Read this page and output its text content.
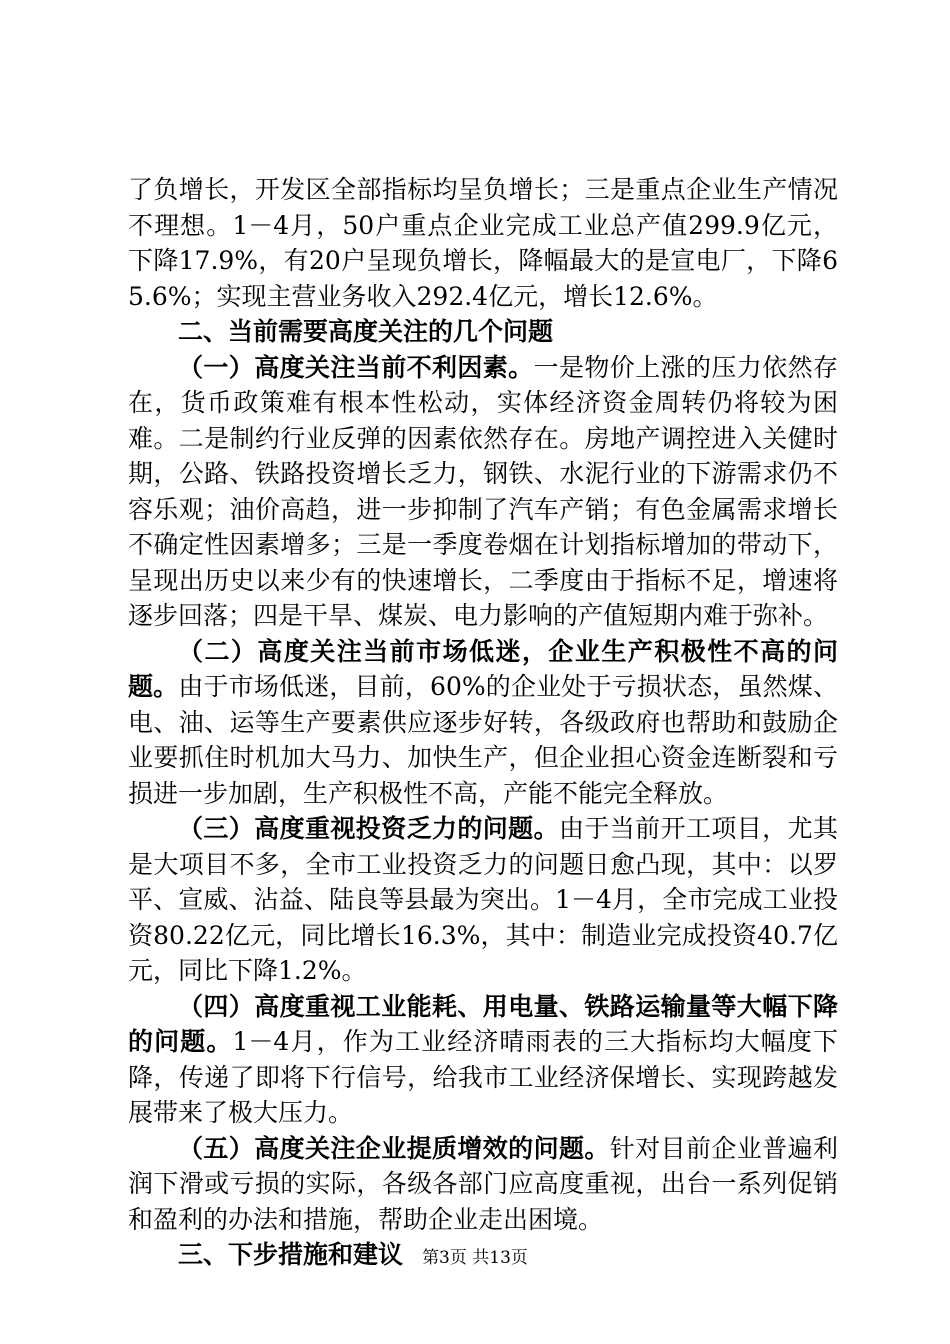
了负增长，开发区全部指标均呈负增长；三是重点企业生产情况不理想。1－4月，50户重点企业完成工业总产值299.9亿元，下降17.9%，有20户呈现负增长，降幅最大的是宣电厂，下降65.6%；实现主营业务收入292.4亿元，增长12.6%。

二、当前需要高度关注的几个问题

（一）高度关注当前不利因素。一是物价上涨的压力依然存在，货币政策难有根本性松动，实体经济资金周转仍将较为困难。二是制约行业反弹的因素依然存在。房地产调控进入关健时期，公路、铁路投资增长乏力，钢铁、水泥行业的下游需求仍不容乐观；油价高趋，进一步抑制了汽车产销；有色金属需求增长不确定性因素增多；三是一季度卷烟在计划指标增加的带动下，呈现出历史以来少有的快速增长，二季度由于指标不足，增速将逐步回落；四是干旱、煤炭、电力影响的产值短期内难于弥补。

（二）高度关注当前市场低迷，企业生产积极性不高的问题。由于市场低迷，目前，60%的企业处于亏损状态，虽然煤、电、油、运等生产要素供应逐步好转，各级政府也帮助和鼓励企业要抓住时机加大马力、加快生产，但企业担心资金连断裂和亏损进一步加剧，生产积极性不高，产能不能完全释放。

（三）高度重视投资乏力的问题。由于当前开工项目，尤其是大项目不多，全市工业投资乏力的问题日愈凸现，其中：以罗平、宣威、沾益、陆良等县最为突出。1－4月，全市完成工业投资80.22亿元，同比增长16.3%，其中：制造业完成投资40.7亿元，同比下降1.2%。

（四）高度重视工业能耗、用电量、铁路运输量等大幅下降的问题。1－4月，作为工业经济晴雨表的三大指标均大幅度下降，传递了即将下行信号，给我市工业经济保增长、实现跨越发展带来了极大压力。

（五）高度关注企业提质增效的问题。针对目前企业普遍利润下滑或亏损的实际，各级各部门应高度重视，出台一系列促销和盈利的办法和措施，帮助企业走出困境。

三、下步措施和建议	第3页 共13页
